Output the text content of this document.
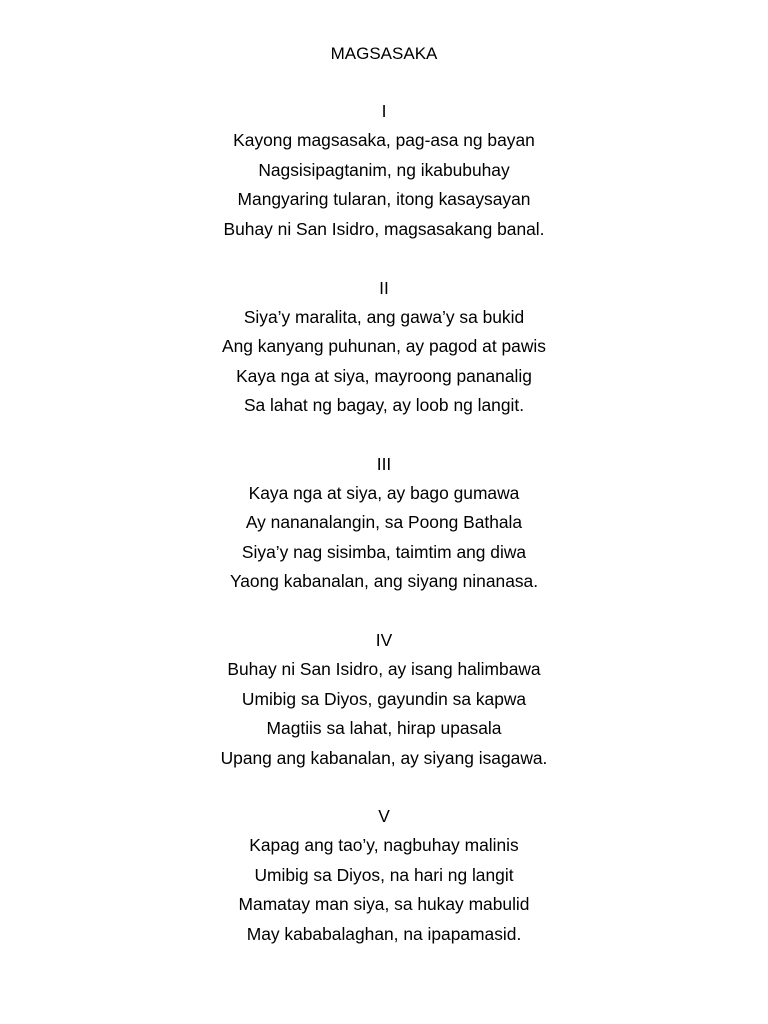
MAGSASAKA
I
Kayong magsasaka, pag-asa ng bayan
Nagsisipagtanim, ng ikabubuhay
Mangyaring tularan, itong kasaysayan
Buhay ni San Isidro, magsasakang banal.
II
Siya’y maralita, ang gawa’y sa bukid
Ang kanyang puhunan, ay pagod at pawis
Kaya nga at siya, mayroong pananalig
Sa lahat ng bagay, ay loob ng langit.
III
Kaya nga at siya, ay bago gumawa
Ay nananalangin, sa Poong Bathala
Siya’y nag sisimba, taimtim ang diwa
Yaong kabanalan, ang siyang ninanasa.
IV
Buhay ni San Isidro, ay isang halimbawa
Umibig sa Diyos, gayundin sa kapwa
Magtiis sa lahat, hirap upasala
Upang ang kabanalan, ay siyang isagawa.
V
Kapag ang tao’y, nagbuhay malinis
Umibig sa Diyos, na hari ng langit
Mamatay man siya, sa hukay mabulid
May kababalaghan, na ipapamasid.
